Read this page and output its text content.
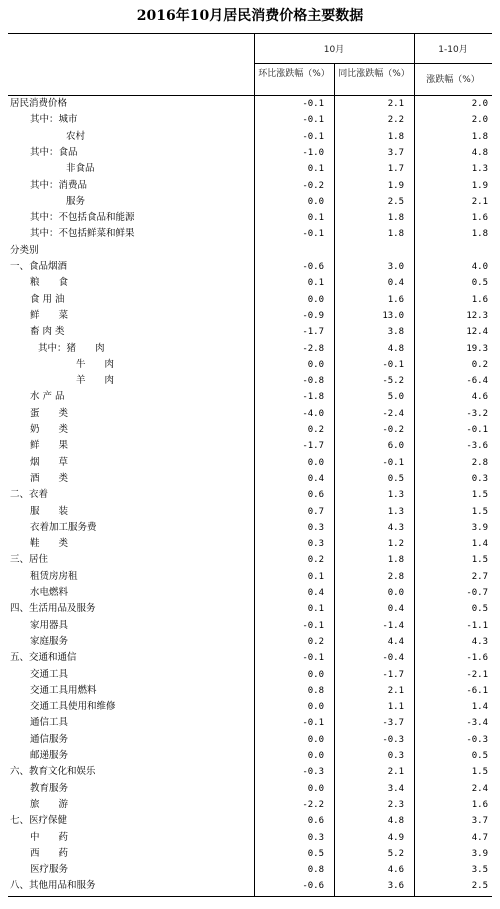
2016年10月居民消费价格主要数据
10月	1-10月
环比涨跌幅（%） 同比涨跌幅（%）
涨跌幅（%）
居民消费价格	-0.1	2.1	2.0
其中：城市	-0.1	2.2	2.0
农村	-0.1	1.8	1.8
其中：食品	-1.0	3.7	4.8
非食品	0.1	1.7	1.3
其中：消费品	-0.2	1.9	1.9
服务	0.0	2.5	2.1
其中：不包括食品和能源	0.1	1.8	1.6
其中：不包括鲜菜和鲜果	-0.1	1.8	1.8
分类别
一、食品烟酒	-0.6	3.0	4.0
粮　　食	0.1	0.4	0.5
食 用 油	0.0	1.6	1.6
鲜　　菜	-0.9	13.0	12.3
畜 肉 类	-1.7	3.8	12.4
其中：猪　　肉	-2.8	4.8	19.3
牛　　肉	0.0	-0.1	0.2
羊　　肉	-0.8	-5.2	-6.4
水 产 品	-1.8	5.0	4.6
蛋　　类	-4.0	-2.4	-3.2
奶　　类	0.2	-0.2	-0.1
鲜　　果	-1.7	6.0	-3.6
烟　　草	0.0	-0.1	2.8
酒　　类	0.4	0.5	0.3
二、衣着	0.6	1.3	1.5
服　　装	0.7	1.3	1.5
衣着加工服务费	0.3	4.3	3.9
鞋　　类	0.3	1.2	1.4
三、居住	0.2	1.8	1.5
租赁房房租	0.1	2.8	2.7
水电燃料	0.4	0.0	-0.7
四、生活用品及服务	0.1	0.4	0.5
家用器具	-0.1	-1.4	-1.1
家庭服务	0.2	4.4	4.3
五、交通和通信	-0.1	-0.4	-1.6
交通工具	0.0	-1.7	-2.1
交通工具用燃料	0.8	2.1	-6.1
交通工具使用和维修	0.0	1.1	1.4
通信工具	-0.1	-3.7	-3.4
通信服务	0.0	-0.3	-0.3
邮递服务	0.0	0.3	0.5
六、教育文化和娱乐	-0.3	2.1	1.5
教育服务	0.0	3.4	2.4
旅　　游	-2.2	2.3	1.6
七、医疗保健	0.6	4.8	3.7
中　　药	0.3	4.9	4.7
西　　药	0.5	5.2	3.9
医疗服务	0.8	4.6	3.5
八、其他用品和服务	-0.6	3.6	2.5
